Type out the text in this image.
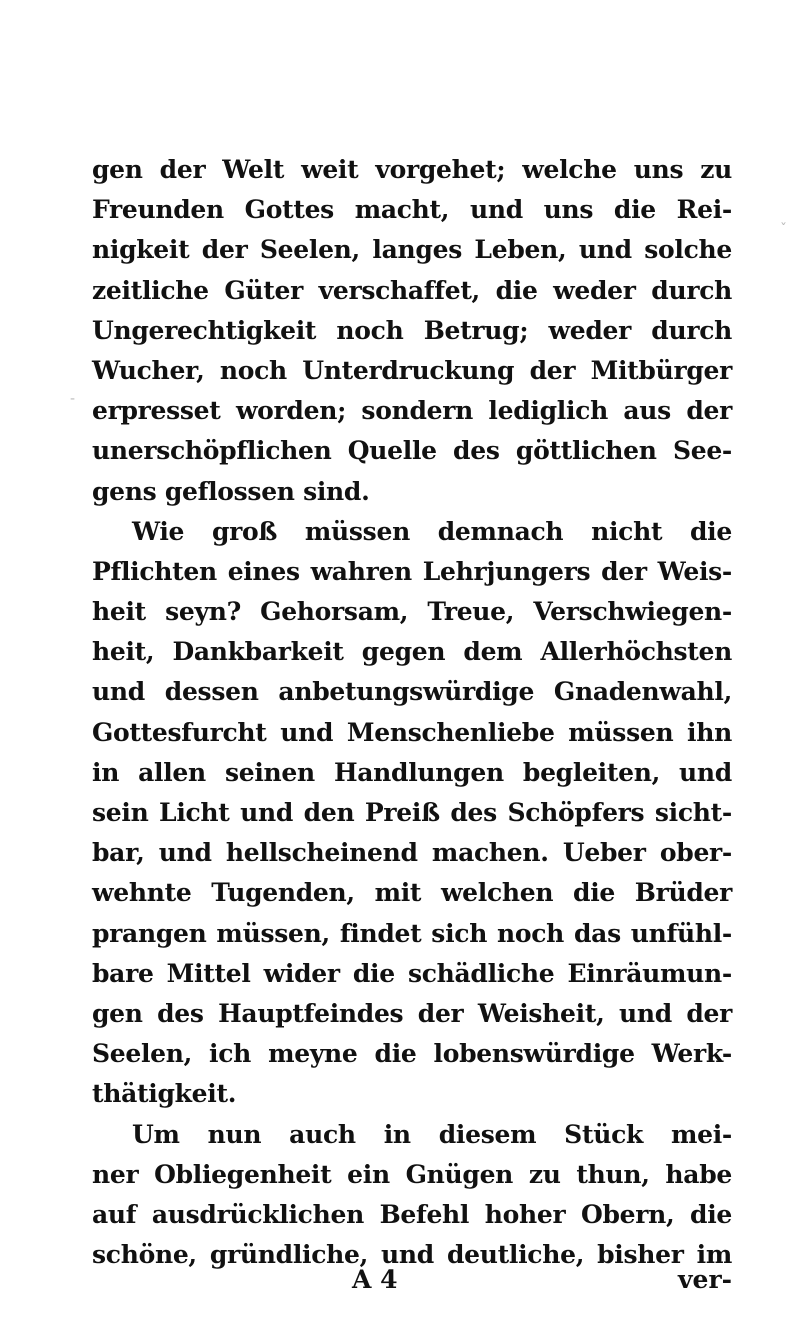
-
ˇ
gen der Welt weit vorgehet; welche uns zu
Freunden Gottes macht, und uns die Rei-
nigkeit der Seelen, langes Leben, und solche
zeitliche Güter verschaffet, die weder durch
Ungerechtigkeit noch Betrug; weder durch
Wucher, noch Unterdruckung der Mitbürger
erpresset worden; sondern lediglich aus der
unerschöpflichen Quelle des göttlichen See-
gens geflossen sind.
Wie groß müssen demnach nicht die
Pflichten eines wahren Lehrjungers der Weis-
heit seyn? Gehorsam, Treue, Verschwiegen-
heit, Dankbarkeit gegen dem Allerhöchsten
und dessen anbetungswürdige Gnadenwahl,
Gottesfurcht und Menschenliebe müssen ihn
in allen seinen Handlungen begleiten, und
sein Licht und den Preiß des Schöpfers sicht-
bar, und hellscheinend machen. Ueber ober-
wehnte Tugenden, mit welchen die Brüder
prangen müssen, findet sich noch das unfühl-
bare Mittel wider die schädliche Einräumun-
gen des Hauptfeindes der Weisheit, und der
Seelen, ich meyne die lobenswürdige Werk-
thätigkeit.
Um nun auch in diesem Stück mei-
ner Obliegenheit ein Gnügen zu thun, habe
auf ausdrücklichen Befehl hoher Obern, die
schöne, gründliche, und deutliche, bisher im
A 4	ver-
